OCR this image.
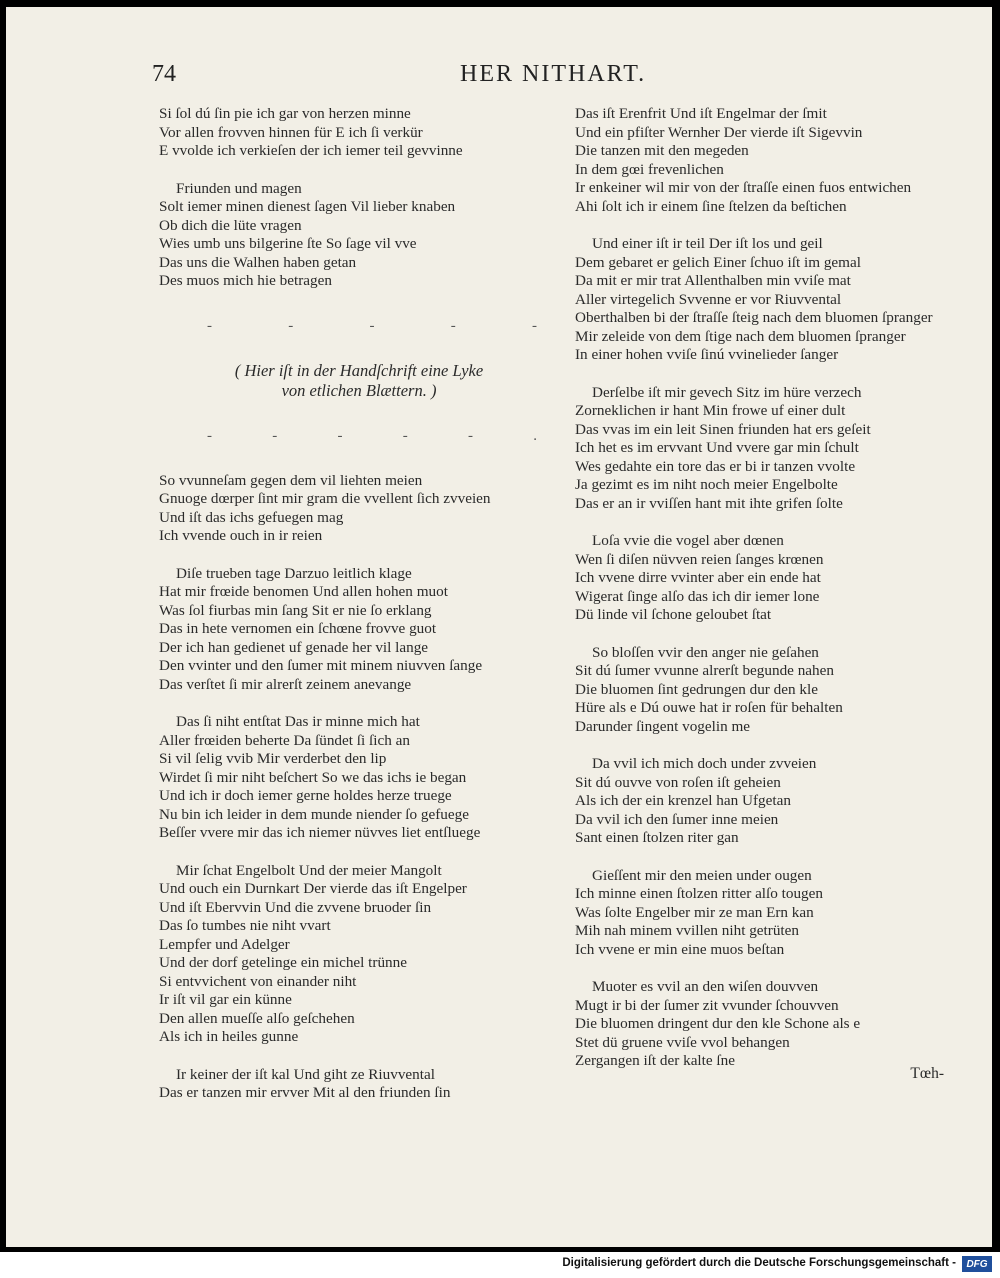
74	HER NITHART.
Si ſol dú ſin pie ich gar von herzen minne
Vor allen frovven hinnen für E ich ſi verkür
E vvolde ich verkieſen der ich iemer teil gevvinne
Friunden und magen
Solt iemer minen dienest ſagen Vil lieber knaben
Ob dich die lüte vragen
Wies umb uns bilgerine ſte So ſage vil vve
Das uns die Walhen haben getan
Des muos mich hie betragen
-	-	-	-	-
( Hier iſt in der Handſchrift eine Lyke
von etlichen Blættern. )
-	-	-	-	-	.
So vvunneſam gegen dem vil liehten meien
Gnuoge dœrper ſint mir gram die vvellent ſich zvveien
Und iſt das ichs gefuegen mag
Ich vvende ouch in ir reien
Diſe trueben tage Darzuo leitlich klage
Hat mir frœide benomen Und allen hohen muot
Was ſol fiurbas min ſang Sit er nie ſo erklang
Das in hete vernomen ein ſchœne frovve guot
Der ich han gedienet uf genade her vil lange
Den vvinter und den ſumer mit minem niuvven ſange
Das verſtet ſi mir alrerſt zeinem anevange
Das ſi niht entſtat Das ir minne mich hat
Aller frœiden beherte Da ſündet ſi ſich an
Si vil ſelig vvib Mir verderbet den lip
Wirdet ſi mir niht beſchert So we das ichs ie began
Und ich ir doch iemer gerne holdes herze truege
Nu bin ich leider in dem munde niender ſo gefuege
Beſſer vvere mir das ich niemer nüvves liet entſluege
Mir ſchat Engelbolt Und der meier Mangolt
Und ouch ein Durnkart Der vierde das iſt Engelper
Und iſt Ebervvin Und die zvvene bruoder ſin
Das ſo tumbes nie niht vvart
Lempfer und Adelger
Und der dorf getelinge ein michel trünne
Si entvvichent von einander niht
Ir iſt vil gar ein künne
Den allen mueſſe alſo geſchehen
Als ich in heiles gunne
Ir keiner der iſt kal Und giht ze Riuvvental
Das er tanzen mir ervver Mit al den friunden ſin
Das iſt Erenfrit Und iſt Engelmar der ſmit
Und ein pfiſter Wernher Der vierde iſt Sigevvin
Die tanzen mit den megeden
In dem gœi frevenlichen
Ir enkeiner wil mir von der ſtraſſe einen fuos entwichen
Ahi ſolt ich ir einem ſine ſtelzen da beſtichen
Und einer iſt ir teil Der iſt los und geil
Dem gebaret er gelich Einer ſchuo iſt im gemal
Da mit er mir trat Allenthalben min vviſe mat
Aller virtegelich Svvenne er vor Riuvvental
Oberthalben bi der ſtraſſe ſteig nach dem bluomen ſpranger
Mir zeleide von dem ſtige nach dem bluomen ſpranger
In einer hohen vviſe ſinú vvinelieder ſanger
Derſelbe iſt mir gevech Sitz im hüre verzech
Zorneklichen ir hant Min frowe uf einer dult
Das vvas im ein leit Sinen friunden hat ers geſeit
Ich het es im ervvant Und vvere gar min ſchult
Wes gedahte ein tore das er bi ir tanzen vvolte
Ja gezimt es im niht noch meier Engelbolte
Das er an ir vviſſen hant mit ihte grifen ſolte
Loſa vvie die vogel aber dœnen
Wen ſi diſen nüvven reien ſanges krœnen
Ich vvene dirre vvinter aber ein ende hat
Wigerat ſinge alſo das ich dir iemer lone
Dü linde vil ſchone geloubet ſtat
So bloſſen vvir den anger nie geſahen
Sit dú ſumer vvunne alrerſt begunde nahen
Die bluomen ſint gedrungen dur den kle
Hüre als e Dú ouwe hat ir roſen für behalten
Darunder ſingent vogelin me
Da vvil ich mich doch under zvveien
Sit dú ouvve von roſen iſt geheien
Als ich der ein krenzel han Ufgetan
Da vvil ich den ſumer inne meien
Sant einen ſtolzen riter gan
Gieſſent mir den meien under ougen
Ich minne einen ſtolzen ritter alſo tougen
Was ſolte Engelber mir ze man Ern kan
Mih nah minem vvillen niht getrüten
Ich vvene er min eine muos beſtan
Muoter es vvil an den wiſen douvven
Mugt ir bi der ſumer zit vvunder ſchouvven
Die bluomen dringent dur den kle Schone als e
Stet dü gruene vviſe vvol behangen
Zergangen iſt der kalte ſne
Tœh-
Digitalisierung gefördert durch die Deutsche Forschungsgemeinschaft -	DFG
